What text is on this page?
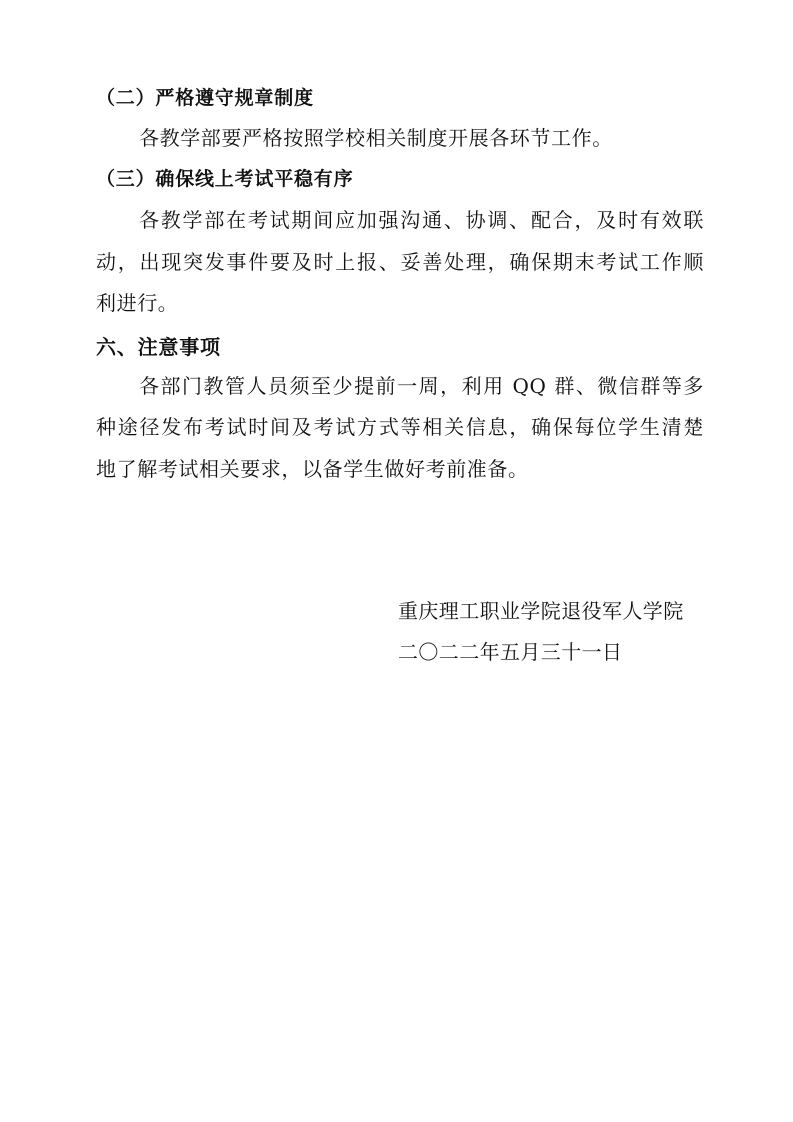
（二）严格遵守规章制度
各教学部要严格按照学校相关制度开展各环节工作。
（三）确保线上考试平稳有序
各教学部在考试期间应加强沟通、协调、配合，及时有效联
动，出现突发事件要及时上报、妥善处理，确保期末考试工作顺
利进行。
六、注意事项
各部门教管人员须至少提前一周，利用 QQ 群、微信群等多
种途径发布考试时间及考试方式等相关信息，确保每位学生清楚
地了解考试相关要求，以备学生做好考前准备。
重庆理工职业学院退役军人学院
二〇二二年五月三十一日
